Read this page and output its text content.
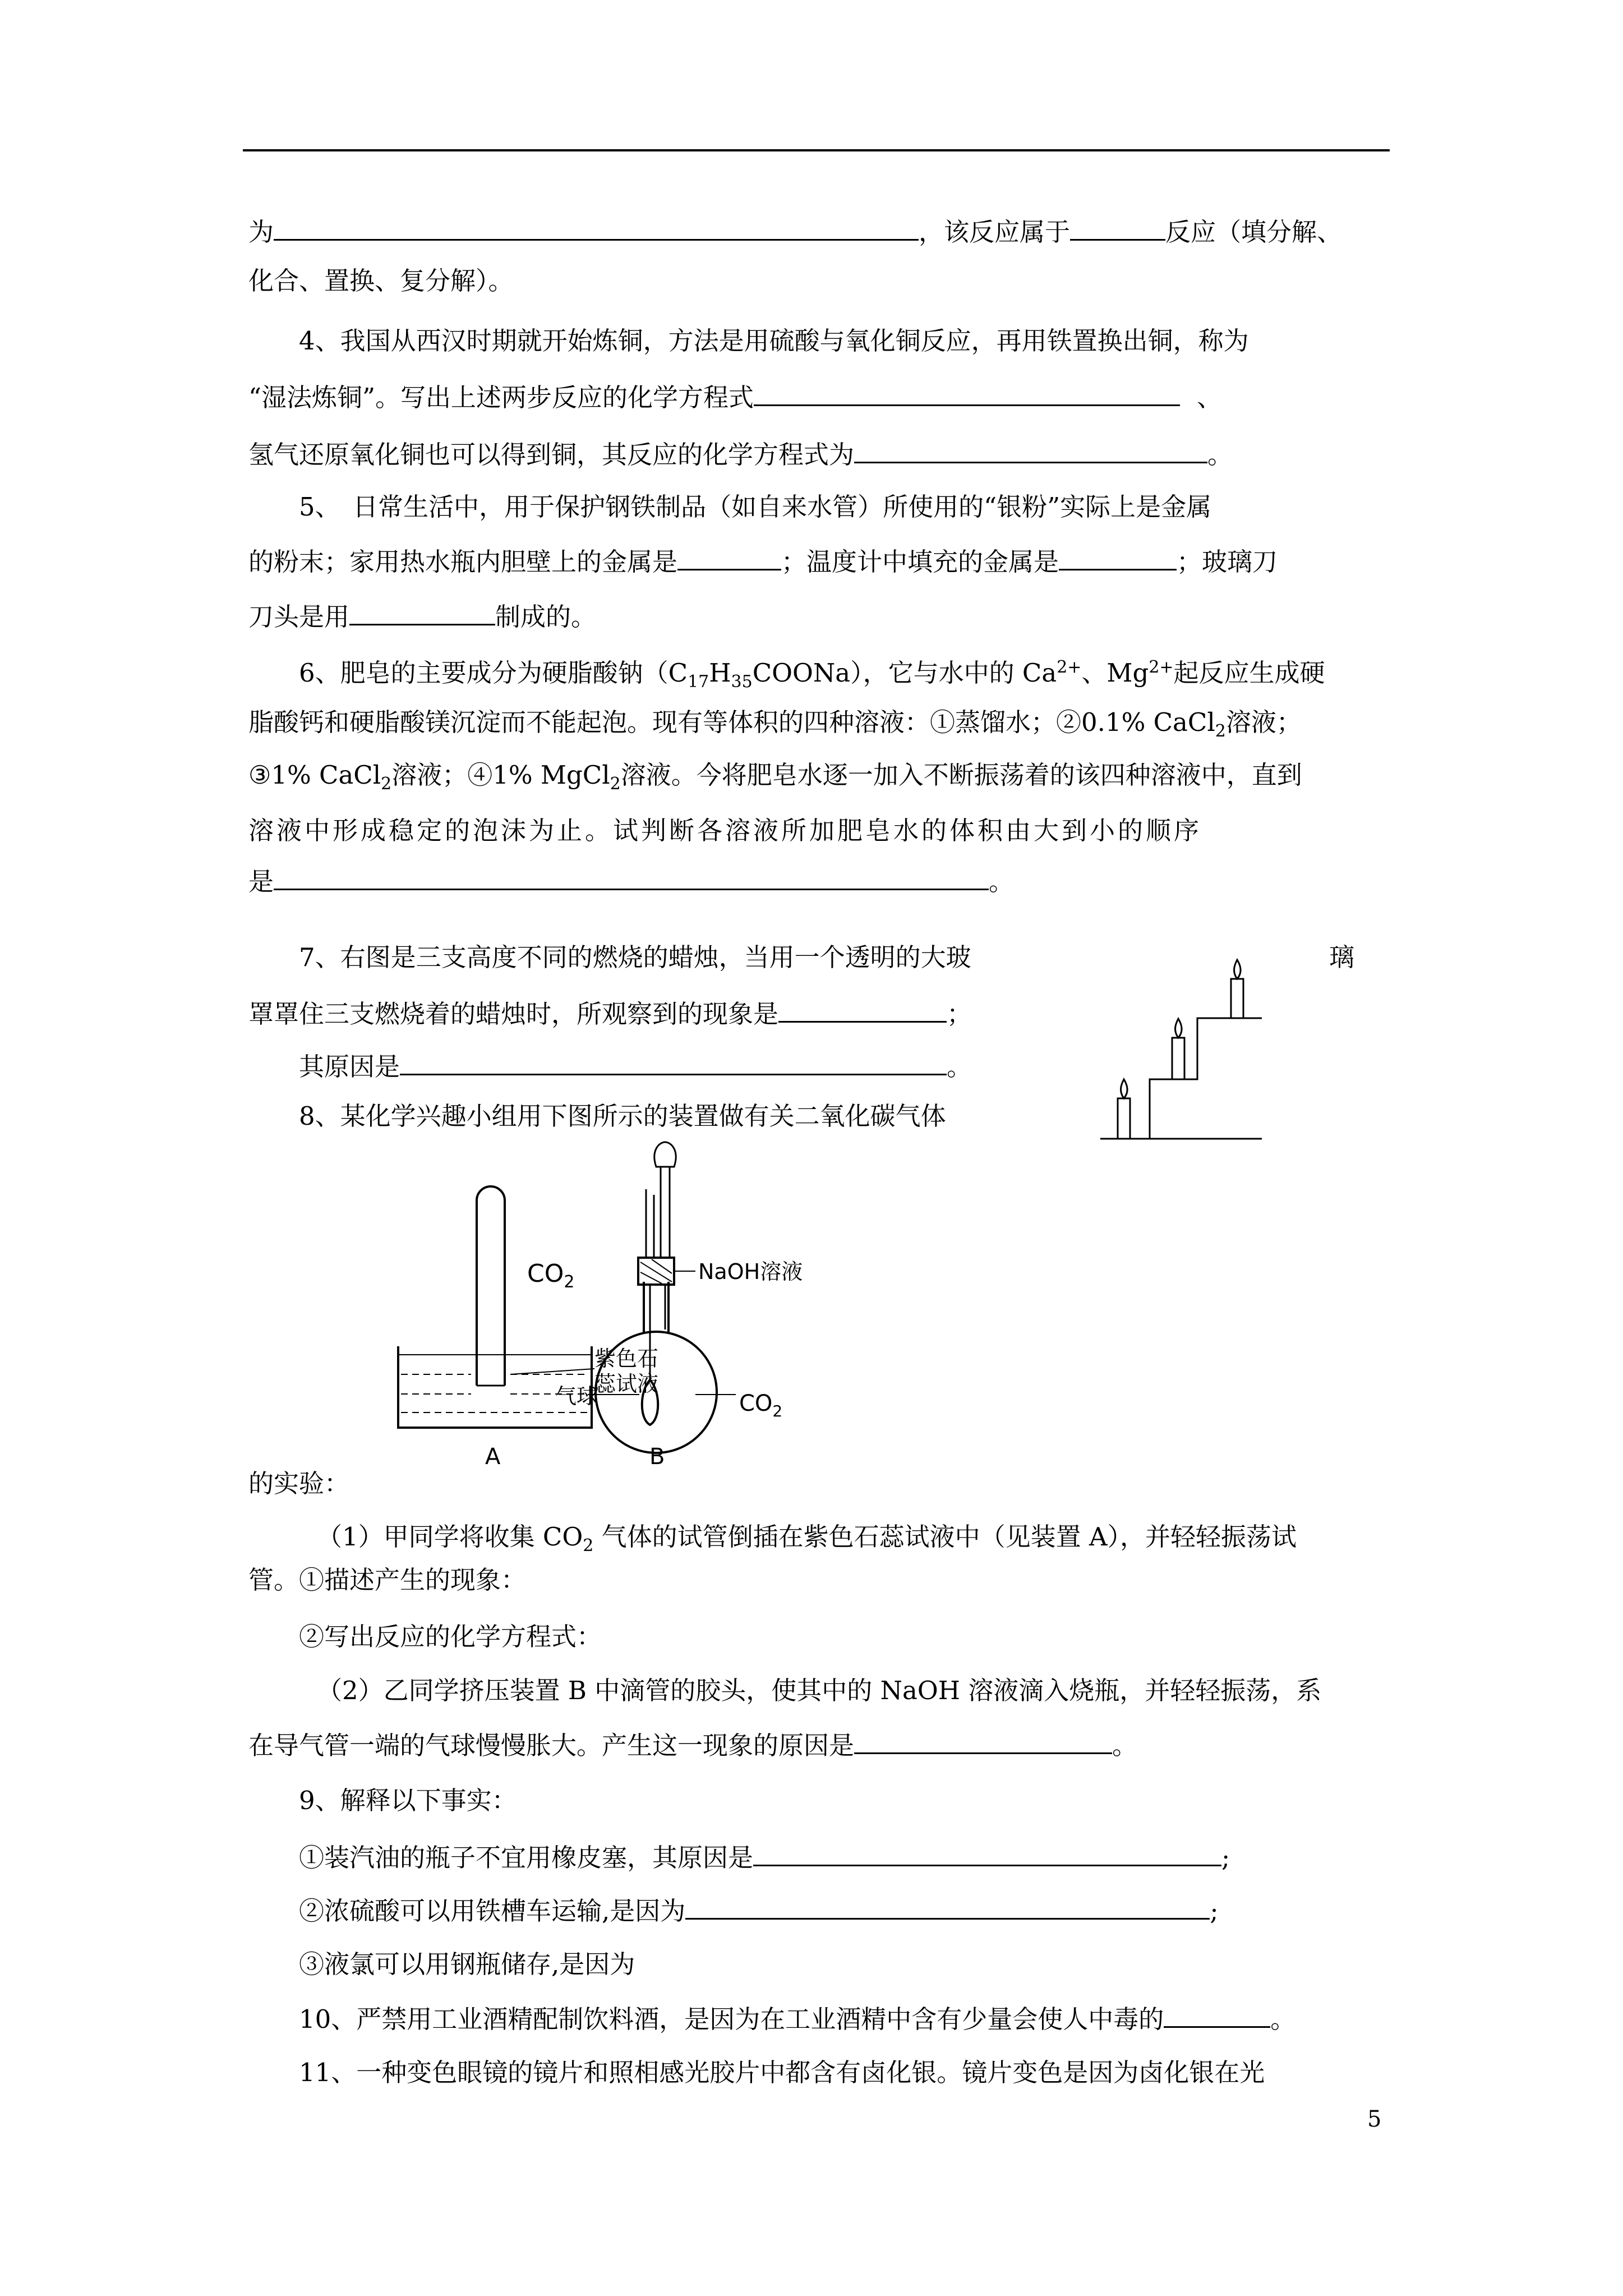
为	，该反应属于	反应（填分解、
化合、置换、复分解）。
4、我国从西汉时期就开始炼铜，方法是用硫酸与氧化铜反应，再用铁置换出铜，称为
“湿法炼铜”。写出上述两步反应的化学方程式	、
氢气还原氧化铜也可以得到铜，其反应的化学方程式为	。
5、　日常生活中，用于保护钢铁制品（如自来水管）所使用的“银粉”实际上是金属
的粉末；家用热水瓶内胆壁上的金属是	；温度计中填充的金属是	；玻璃刀
刀头是用	制成的。
6、肥皂的主要成分为硬脂酸钠$(C_{17}H_{35}COONa)$，它与水中的 $Ca^{2+}$、$Mg^{2+}$起反应生成硬
脂酸钙和硬脂酸镁沉淀而不能起泡。现有等体积的四种溶液：①蒸馏水；②0.1% CaCl$_2$溶液；
③1% CaCl$_2$溶液；④1% MgCl$_2$溶液。今将肥皂水逐一加入不断振荡着的该四种溶液中，直到
溶液中形成稳定的泡沫为止。试判断各溶液所加肥皂水的体积由大到小的顺序
是	。
7、右图是三支高度不同的燃烧的蜡烛，当用一个透明的大玻	璃
罩罩住三支燃烧着的蜡烛时，所观察到的现象是	；
其原因是	。
8、某化学兴趣小组用下图所示的装置做有关二氧化碳气体
$CO_2$
紫色石
蕊试液
A
NaOH溶液
气球
B
$CO_2$
的实验：
（1）甲同学将收集 $CO_2$ 气体的试管倒插在紫色石蕊试液中（见装置 A），并轻轻振荡试
管。①描述产生的现象：
②写出反应的化学方程式：
（2）乙同学挤压装置 B 中滴管的胶头，使其中的 NaOH 溶液滴入烧瓶，并轻轻振荡，系
在导气管一端的气球慢慢胀大。产生这一现象的原因是	。
9、解释以下事实：
①装汽油的瓶子不宜用橡皮塞，其原因是	;
②浓硫酸可以用铁槽车运输,是因为	;
③液氯可以用钢瓶储存,是因为
10、严禁用工业酒精配制饮料酒，是因为在工业酒精中含有少量会使人中毒的	。
11、一种变色眼镜的镜片和照相感光胶片中都含有卤化银。镜片变色是因为卤化银在光
5
